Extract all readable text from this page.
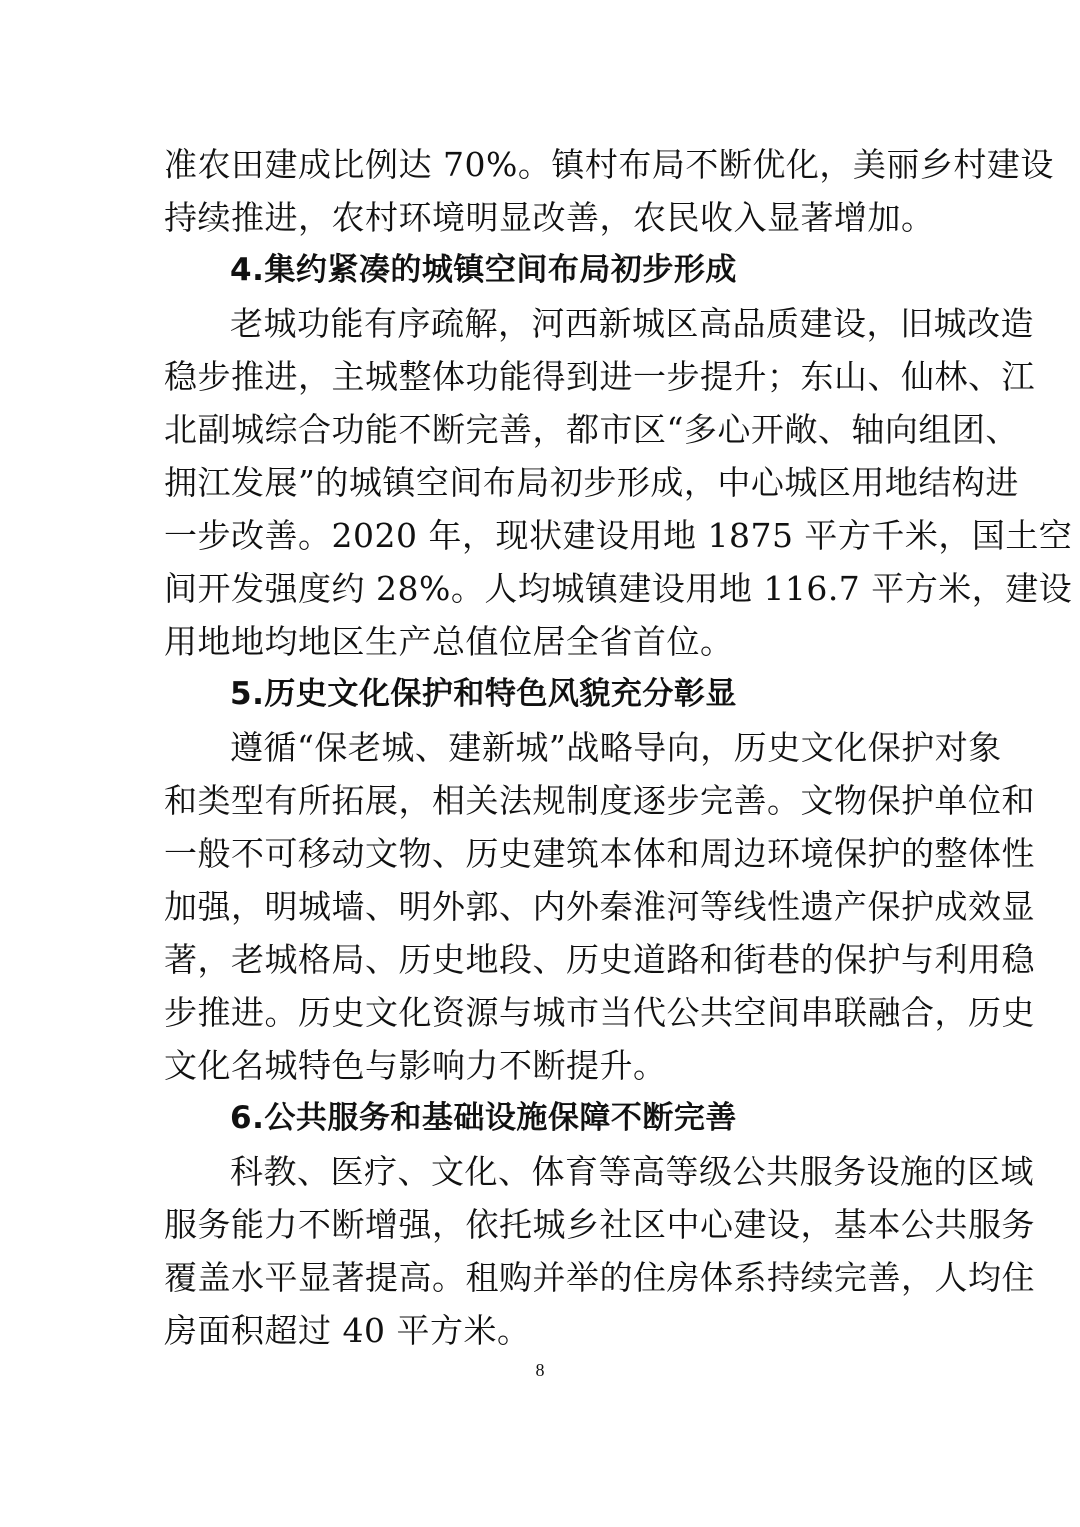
准农田建成比例达 70%。镇村布局不断优化，美丽乡村建设
持续推进，农村环境明显改善，农民收入显著增加。
4.集约紧凑的城镇空间布局初步形成
老城功能有序疏解，河西新城区高品质建设，旧城改造
稳步推进，主城整体功能得到进一步提升；东山、仙林、江
北副城综合功能不断完善，都市区“多心开敞、轴向组团、
拥江发展”的城镇空间布局初步形成，中心城区用地结构进
一步改善。2020 年，现状建设用地 1875 平方千米，国土空
间开发强度约 28%。人均城镇建设用地 116.7 平方米，建设
用地地均地区生产总值位居全省首位。
5.历史文化保护和特色风貌充分彰显
遵循“保老城、建新城”战略导向，历史文化保护对象
和类型有所拓展，相关法规制度逐步完善。文物保护单位和
一般不可移动文物、历史建筑本体和周边环境保护的整体性
加强，明城墙、明外郭、内外秦淮河等线性遗产保护成效显
著，老城格局、历史地段、历史道路和街巷的保护与利用稳
步推进。历史文化资源与城市当代公共空间串联融合，历史
文化名城特色与影响力不断提升。
6.公共服务和基础设施保障不断完善
科教、医疗、文化、体育等高等级公共服务设施的区域
服务能力不断增强，依托城乡社区中心建设，基本公共服务
覆盖水平显著提高。租购并举的住房体系持续完善，人均住
房面积超过 40 平方米。
8
